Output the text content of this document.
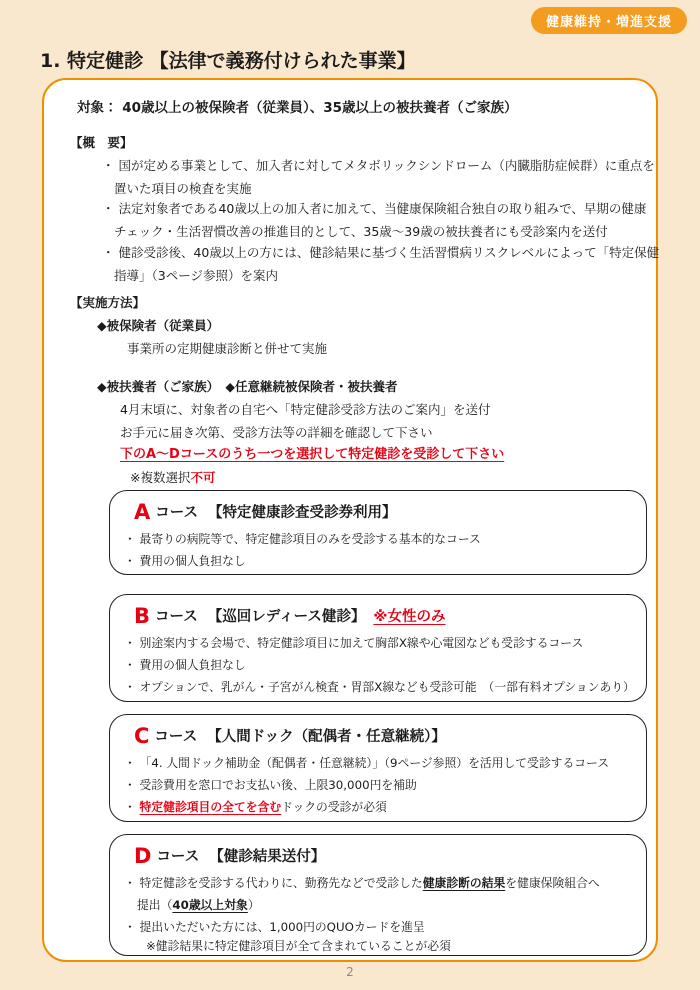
健康維持・増進支援
1. 特定健診 【法律で義務付けられた事業】
対象： 40歳以上の被保険者（従業員）、35歳以上の被扶養者（ご家族）
【概　要】
・ 国が定める事業として、加入者に対してメタボリックシンドローム（内臓脂肪症候群）に重点を
置いた項目の検査を実施
・ 法定対象者である40歳以上の加入者に加えて、当健康保険組合独自の取り組みで、早期の健康
チェック・生活習慣改善の推進目的として、35歳～39歳の被扶養者にも受診案内を送付
・ 健診受診後、40歳以上の方には、健診結果に基づく生活習慣病リスクレベルによって「特定保健
指導」（3ページ参照）を案内
【実施方法】
◆被保険者（従業員）
事業所の定期健康診断と併せて実施
◆被扶養者（ご家族）　◆任意継続被保険者・被扶養者
4月末頃に、対象者の自宅へ「特定健診受診方法のご案内」を送付
お手元に届き次第、受診方法等の詳細を確認して下さい
下のA～Dコースのうち一つを選択して特定健診を受診して下さい
※複数選択不可
A コース 【特定健康診査受診券利用】
・ 最寄りの病院等で、特定健診項目のみを受診する基本的なコース
・ 費用の個人負担なし
B コース 【巡回レディース健診】 ※女性のみ
・ 別途案内する会場で、特定健診項目に加えて胸部X線や心電図なども受診するコース
・ 費用の個人負担なし
・ オプションで、乳がん・子宮がん検査・胃部X線なども受診可能　（一部有料オプションあり）
C コース 【人間ドック（配偶者・任意継続）】
・ 「4. 人間ドック補助金（配偶者・任意継続）」（9ページ参照）を活用して受診するコース
・ 受診費用を窓口でお支払い後、上限30,000円を補助
・ 特定健診項目の全てを含むドックの受診が必須
D コース 【健診結果送付】
・ 特定健診を受診する代わりに、勤務先などで受診した健康診断の結果を健康保険組合へ
提出（40歳以上対象）
・ 提出いただいた方には、1,000円のQUOカードを進呈
※健診結果に特定健診項目が全て含まれていることが必須
2
